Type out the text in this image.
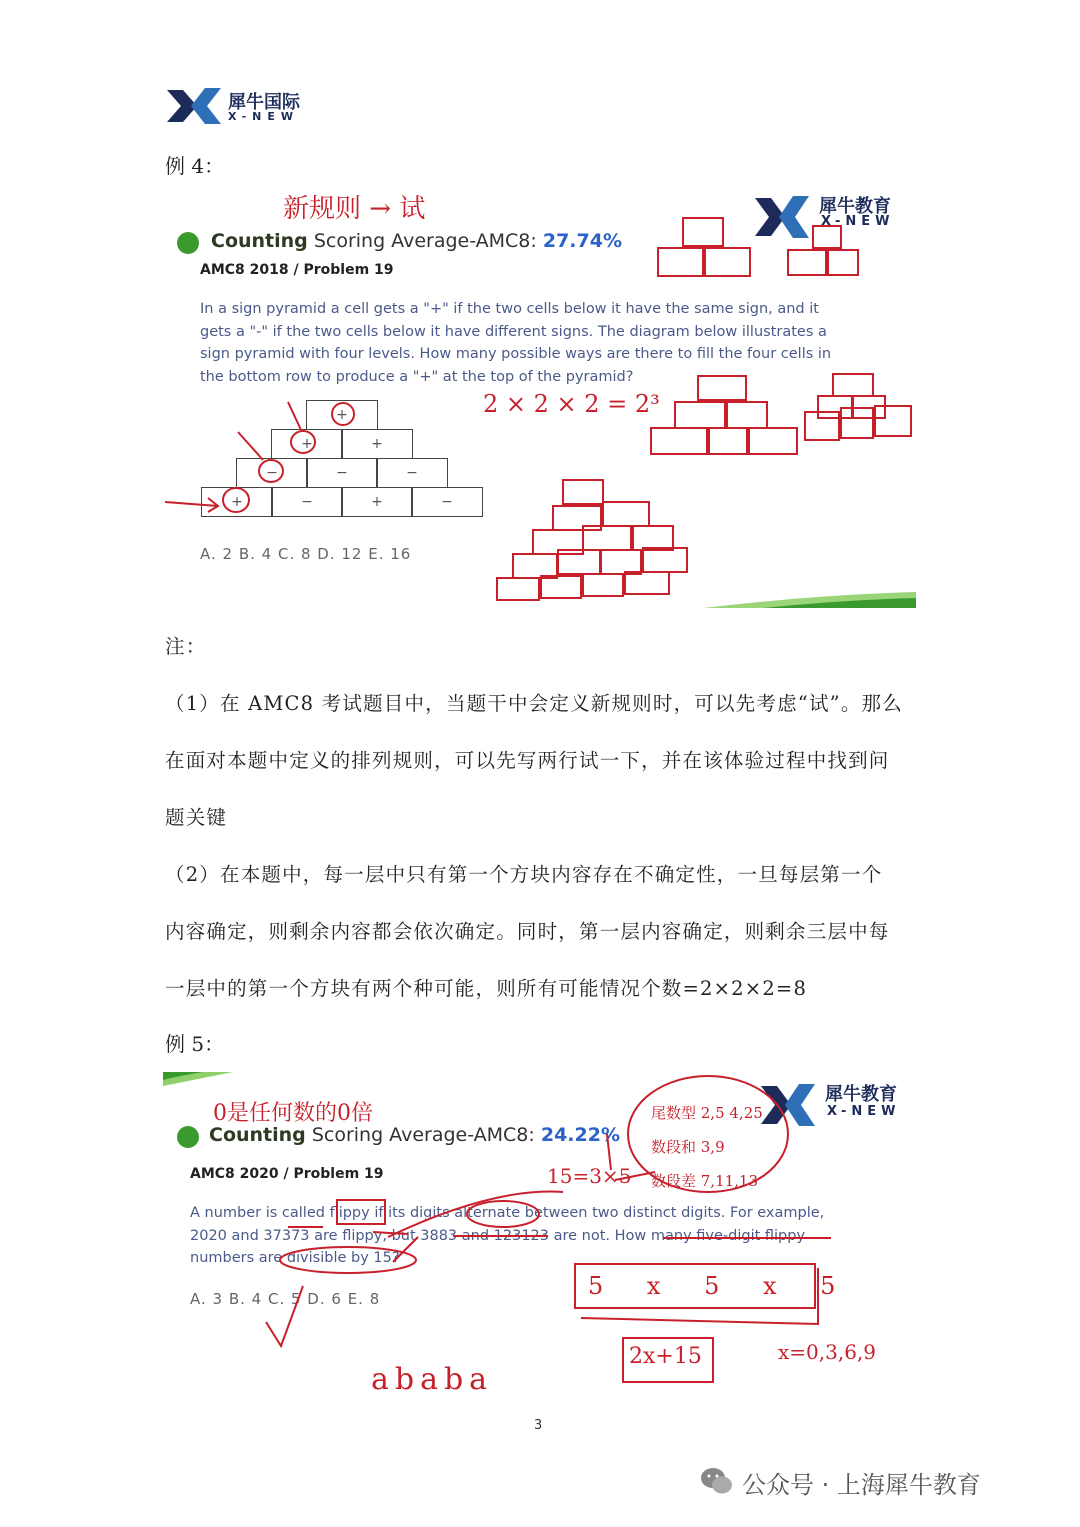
犀牛国际
X-NEW
例 4：
犀牛教育
X-NEW
Counting Scoring Average-AMC8: 27.74%
AMC8 2018 / Problem 19
In a sign pyramid a cell gets a "+" if the two cells below it have the same sign, and it
gets a "-" if the two cells below it have different signs. The diagram below illustrates a
sign pyramid with four levels. How many possible ways are there to fill the four cells in
the bottom row to produce a "+" at the top of the pyramid?
+
+	+
−	−	−
+	−	+	−
A. 2 B. 4 C. 8 D. 12 E. 16
新规则 → 试
2 × 2 × 2 = 2³
注：
（1）在 AMC8 考试题目中，当题干中会定义新规则时，可以先考虑“试”。那么
在面对本题中定义的排列规则，可以先写两行试一下，并在该体验过程中找到问
题关键
（2）在本题中，每一层中只有第一个方块内容存在不确定性，一旦每层第一个
内容确定，则剩余内容都会依次确定。同时，第一层内容确定，则剩余三层中每
一层中的第一个方块有两个种可能，则所有可能情况个数=2×2×2=8
例 5：
犀牛教育
X-NEW
Counting Scoring Average-AMC8: 24.22%
AMC8 2020 / Problem 19
A number is called flippy if its digits alternate between two distinct digits. For example,
2020 and 37373 are flippy, but 3883 and 123123 are not. How many five-digit flippy
numbers are divisible by 15?
A. 3 B. 4 C. 5 D. 6 E. 8
0是任何数的0倍
15=3×5
尾数型 2,5 4,25
数段和 3,9
数段差 7,11,13
5 x 5 x 5
2x+15	x=0,3,6,9
ababa
3
公众号 · 上海犀牛教育
